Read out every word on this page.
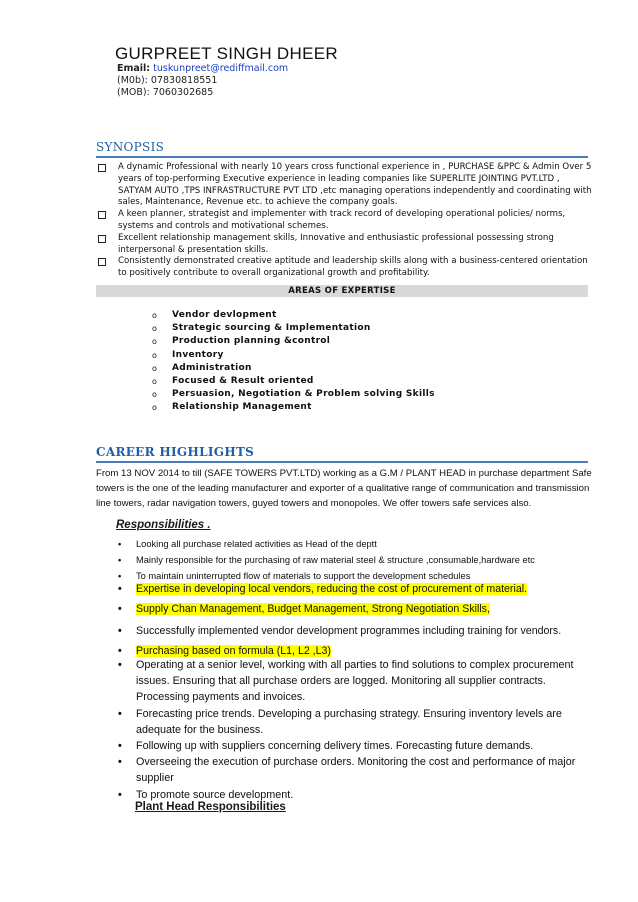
GURPREET SINGH DHEER
Email: tuskunpreet@rediffmail.com
(M0b): 07830818551
(MOB): 7060302685
SYNOPSIS
A dynamic Professional with nearly 10 years cross functional experience in , PURCHASE &PPC & Admin Over 5 years of top-performing Executive experience in leading companies like SUPERLITE JOINTING PVT.LTD , SATYAM AUTO ,TPS INFRASTRUCTURE PVT LTD ,etc managing operations independently and coordinating with sales, Maintenance, Revenue etc. to achieve the company goals.
A keen planner, strategist and implementer with track record of developing operational policies/ norms, systems and controls and motivational schemes.
Excellent relationship management skills, Innovative and enthusiastic professional possessing strong interpersonal & presentation skills.
Consistently demonstrated creative aptitude and leadership skills along with a business-centered orientation to positively contribute to overall organizational growth and profitability.
AREAS OF EXPERTISE
o Vendor devlopment
o Strategic sourcing & Implementation
o Production planning &control
o Inventory
o Administration
o Focused & Result oriented
o Persuasion, Negotiation & Problem solving Skills
o Relationship Management
CAREER HIGHLIGHTS
From 13 NOV 2014 to till (SAFE TOWERS PVT.LTD) working as a G.M / PLANT HEAD in purchase department Safe towers is the one of the leading manufacturer and exporter of a qualitative range of communication and transmission line towers, radar navigation towers, guyed towers and monopoles. We offer towers safe services also.
Responsibilities .
• Looking all purchase related activities as Head of the deptt
• Mainly responsible for the purchasing of raw material steel & structure ,consumable,hardware etc
• To maintain uninterrupted flow of materials to support the development schedules
• Expertise in developing local vendors, reducing the cost of procurement of material.
• Supply Chan Management, Budget Management, Strong Negotiation Skills,
• Successfully implemented vendor development programmes including training for vendors.
• Purchasing based on formula (L1, L2 ,L3)
• Operating at a senior level, working with all parties to find solutions to complex procurement issues. Ensuring that all purchase orders are logged. Monitoring all supplier contracts. Processing payments and invoices.
• Forecasting price trends. Developing a purchasing strategy. Ensuring inventory levels are adequate for the business.
• Following up with suppliers concerning delivery times. Forecasting future demands.
• Overseeing the execution of purchase orders. Monitoring the cost and performance of major supplier
• To promote source development.
Plant Head Responsibilities
